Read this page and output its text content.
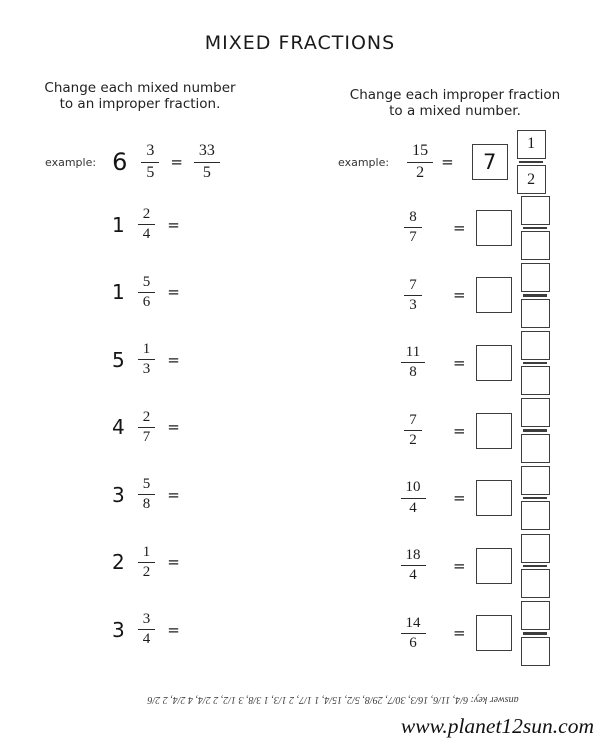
MIXED FRACTIONS
Change each mixed number
to an improper fraction.
Change each improper fraction
to a mixed number.
example: $6 \frac{3}{5} = \frac{33}{5}$
$1 \frac{2}{4}$ =
$1 \frac{5}{6}$ =
$5 \frac{1}{3}$ =
$4 \frac{2}{7}$ =
$3 \frac{5}{8}$ =
$2 \frac{1}{2}$ =
$3 \frac{3}{4}$ =
example: $\frac{15}{2}$ =	7	$\frac{1}{2}$
$\frac{8}{7}$ =
$\frac{7}{3}$ =
$\frac{11}{8}$ =
$\frac{7}{2}$ =
$\frac{10}{4}$ =
$\frac{18}{4}$ =
$\frac{14}{6}$ =
answer key: 6/4, 11/6, 16/3, 30/7, 29/8, 5/2, 15/4, 1 1/7, 2 1/3, 1 3/8, 3 1/2, 2 2/4, 4 2/4, 2 2/6
www.planet12sun.com
